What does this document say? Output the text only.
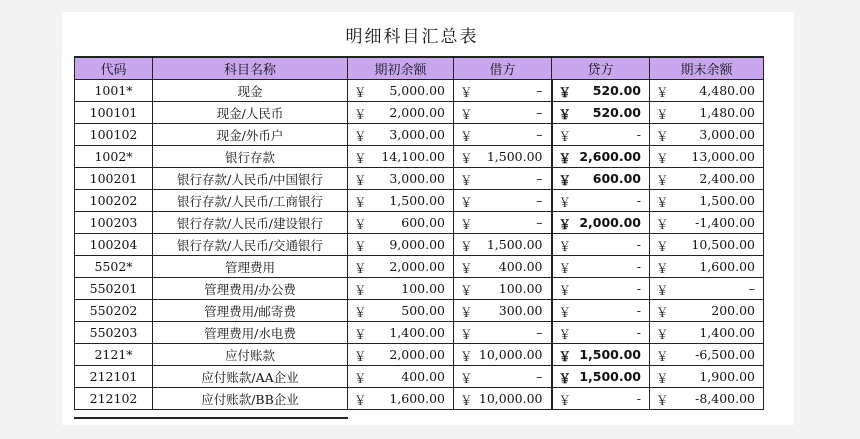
明细科目汇总表
代码	科目名称	期初余额	借方	贷方	期末余额
1001*	现金	￥ 5,000.00	￥ –	￥ 520.00	￥ 4,480.00
100101	现金/人民币	￥ 2,000.00	￥ –	￥ 520.00	￥ 1,480.00
100102	现金/外币户	￥ 3,000.00	￥ –	￥ -	￥ 3,000.00
1002*	银行存款	￥ 14,100.00	￥ 1,500.00	￥ 2,600.00	￥ 13,000.00
100201	银行存款/人民币/中国银行	￥ 3,000.00	￥ –	￥ 600.00	￥ 2,400.00
100202	银行存款/人民币/工商银行	￥ 1,500.00	￥ –	￥ -	￥ 1,500.00
100203	银行存款/人民币/建设银行	￥ 600.00	￥ –	￥ 2,000.00	￥ -1,400.00
100204	银行存款/人民币/交通银行	￥ 9,000.00	￥ 1,500.00	￥ -	￥ 10,500.00
5502*	管理费用	￥ 2,000.00	￥ 400.00	￥ -	￥ 1,600.00
550201	管理费用/办公费	￥ 100.00	￥ 100.00	￥ -	￥ –
550202	管理费用/邮寄费	￥ 500.00	￥ 300.00	￥ -	￥ 200.00
550203	管理费用/水电费	￥ 1,400.00	￥ –	￥ -	￥ 1,400.00
2121*	应付账款	￥ 2,000.00	￥ 10,000.00	￥ 1,500.00	￥ -6,500.00
212101	应付账款/AA企业	￥ 400.00	￥ –	￥ 1,500.00	￥ 1,900.00
212102	应付账款/BB企业	￥ 1,600.00	￥ 10,000.00	￥ -	￥ -8,400.00
